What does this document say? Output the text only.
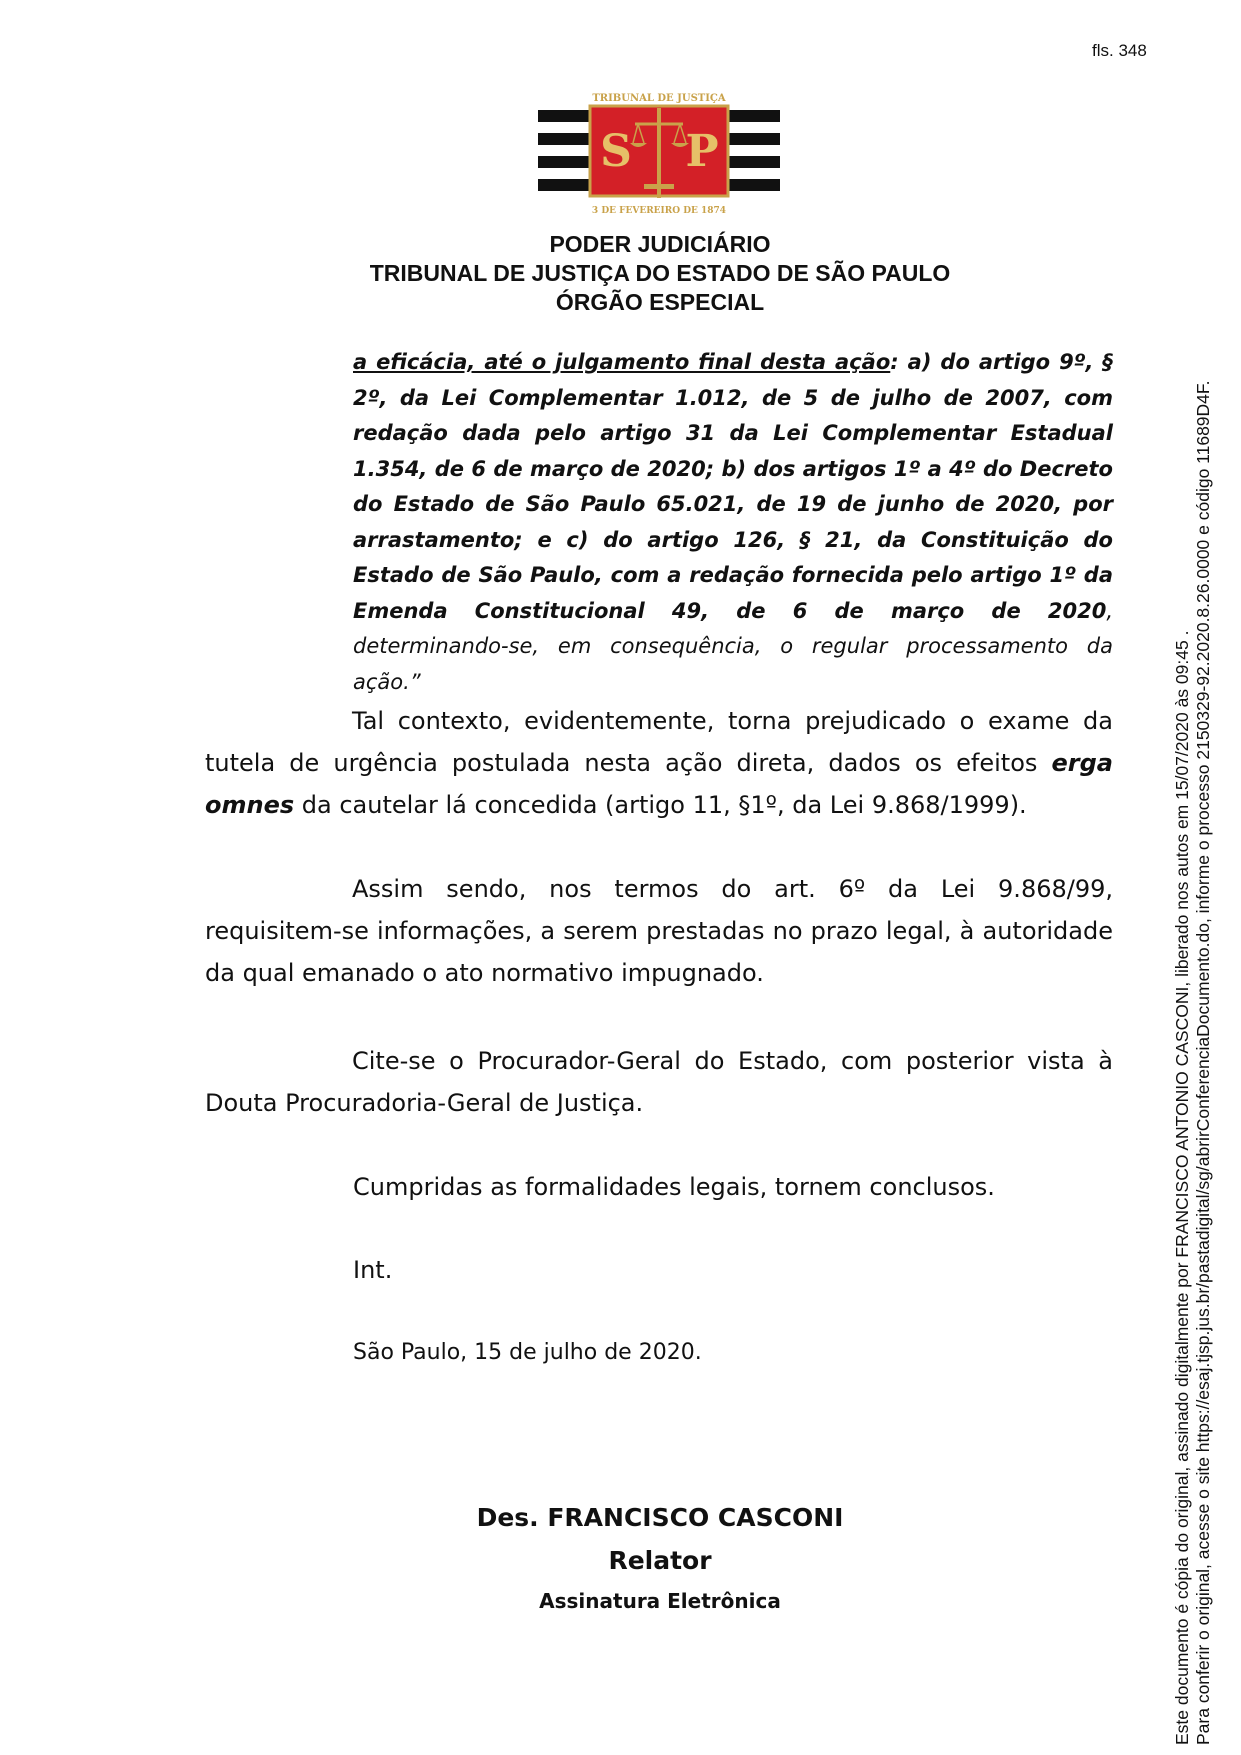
fls. 348
TRIBUNAL DE JUSTIÇA
S P
3 DE FEVEREIRO DE 1874
PODER JUDICIÁRIO
TRIBUNAL DE JUSTIÇA DO ESTADO DE SÃO PAULO
ÓRGÃO ESPECIAL
a eficácia, até o julgamento final desta ação: a) do artigo 9º, § 2º, da Lei Complementar 1.012, de 5 de julho de 2007, com redação dada pelo artigo 31 da Lei Complementar Estadual 1.354, de 6 de março de 2020; b) dos artigos 1º a 4º do Decreto do Estado de São Paulo 65.021, de 19 de junho de 2020, por arrastamento; e c) do artigo 126, § 21, da Constituição do Estado de São Paulo, com a redação fornecida pelo artigo 1º da Emenda Constitucional 49, de 6 de março de 2020, determinando-se, em consequência, o regular processamento da ação.”
Tal contexto, evidentemente, torna prejudicado o exame da tutela de urgência postulada nesta ação direta, dados os efeitos erga omnes da cautelar lá concedida (artigo 11, §1º, da Lei 9.868/1999).
Assim sendo, nos termos do art. 6º da Lei 9.868/99, requisitem-se informações, a serem prestadas no prazo legal, à autoridade da qual emanado o ato normativo impugnado.
Cite-se o Procurador-Geral do Estado, com posterior vista à Douta Procuradoria-Geral de Justiça.
Cumpridas as formalidades legais, tornem conclusos.
Int.
São Paulo, 15 de julho de 2020.
Des. FRANCISCO CASCONI
Relator
Assinatura Eletrônica	Este documento é cópia do original, assinado digitalmente por FRANCISCO ANTONIO CASCONI, liberado nos autos em 15/07/2020 às 09:45 . Para conferir o original, acesse o site https://esaj.tjsp.jus.br/pastadigital/sg/abrirConferenciaDocumento.do, informe o processo 2150329-92.2020.8.26.0000 e código 11689D4F.
